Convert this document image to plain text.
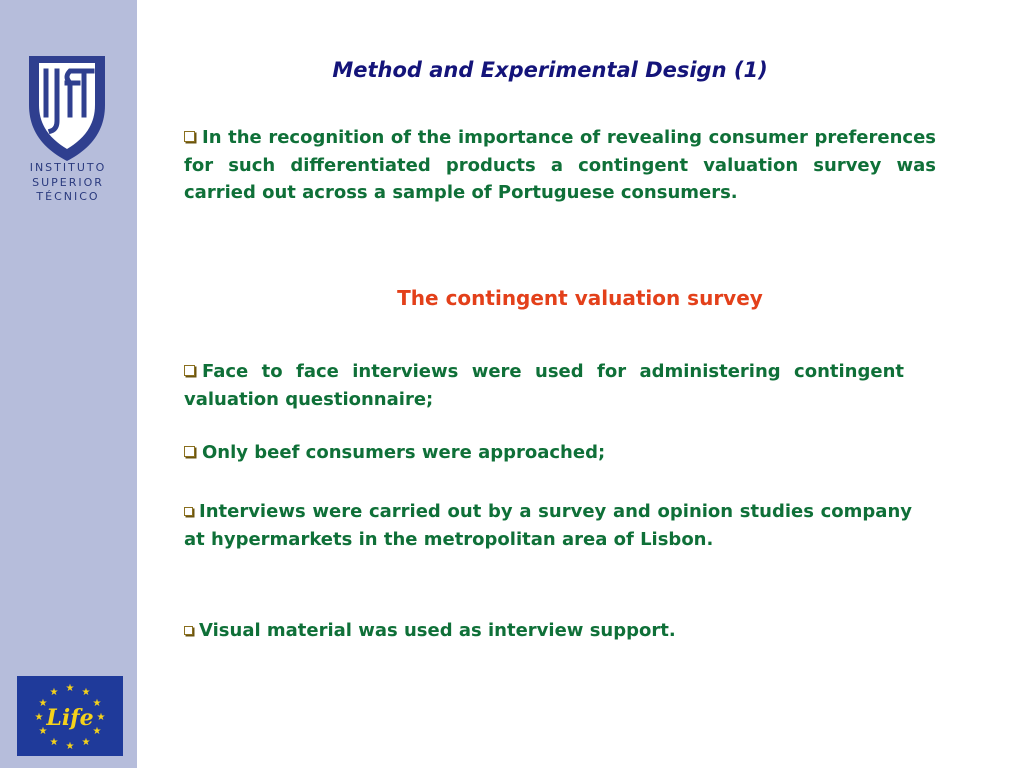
INSTITUTO
SUPERIOR
TÉCNICO
★ ★
★
★
★
★
★
★
★
★
★
★
Life
Method and Experimental Design (1)
In the recognition of the importance of revealing consumer preferences for such differentiated products a contingent valuation survey was carried out across a sample of Portuguese consumers.
The contingent valuation survey
Face to face interviews were used for administering contingent valuation questionnaire;
Only beef consumers were approached;
Interviews were carried out by a survey and opinion studies company at hypermarkets in the metropolitan area of Lisbon.
Visual material was used as interview support.
